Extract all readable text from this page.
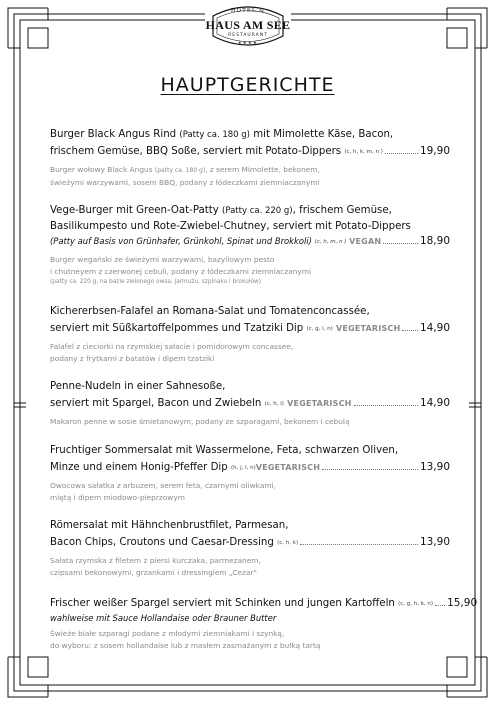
HOTEL &
HAUS AM SEE
RESTAURANT
★★★★
HAUPTGERICHTE
Burger Black Angus Rind (Patty ca. 180 g) mit Mimolette Käse, Bacon,
frischem Gemüse, BBQ Soße, serviert mit Potato-Dippers (c, h, k, m, n )	19,90
Burger wołowy Black Angus (patty ca. 180 g), z serem Mimolette, bekonem,
świeżymi warzywami, sosem BBQ, podany z łódeczkami ziemniaczanymi
Vege-Burger mit Green-Oat-Patty (Patty ca. 220 g), frischem Gemüse,
Basilikumpesto und Rote-Zwiebel-Chutney, serviert mit Potato-Dippers
(Patty auf Basis von Grünhafer, Grünkohl, Spinat und Brokkoli) (c, h, m, n ) VEGAN	18,90
Burger wegański ze świeżymi warzywami, bazyliowym pesto
i chutneyem z czerwonej cebuli, podany z łódeczkami ziemniaczanymi
(patty ca. 220 g, na bazie zielonego owsa, jarmużu, szpinaku i brokułów)
Kichererbsen-Falafel an Romana-Salat und Tomatenconcassée,
serviert mit Süßkartoffelpommes und Tzatziki Dip (c, g, l, n) VEGETARISCH 14,90
Falafel z cieciorki na rzymskiej sałacie i pomidorowym concassee,
podany z frytkami z batatów i dipem tzatziki
Penne-Nudeln in einer Sahnesoße,
serviert mit Spargel, Bacon und Zwiebeln (c, h, i) VEGETARISCH	14,90
Makaron penne w sosie śmietanowym, podany ze szparagami, bekonem i cebulą
Fruchtiger Sommersalat mit Wassermelone, Feta, schwarzen Oliven,
Minze und einem Honig-Pfeffer Dip (h, j, l, n)VEGETARISCH	13,90
Owocowa sałatka z arbuzem, serem feta, czarnymi oliwkami,
miętą i dipem miodowo-pieprzowym
Römersalat mit Hähnchenbrustfilet, Parmesan,
Bacon Chips, Croutons und Caesar-Dressing (c, h, k)	13,90
Sałata rzymska z filetem z piersi kurczaka, parmezanem,
czipsami bekonowymi, grzankami i dressingiem „Cezar"
Frischer weißer Spargel serviert mit Schinken und jungen Kartoffeln (c, g, h, k, n) 15,90
wahlweise mit Sauce Hollandaise oder Brauner Butter
Świeże białe szparagi podane z młodymi ziemniakami i szynką,
do wyboru: z sosem hollandaise lub z masłem zasmażanym z bułką tartą
